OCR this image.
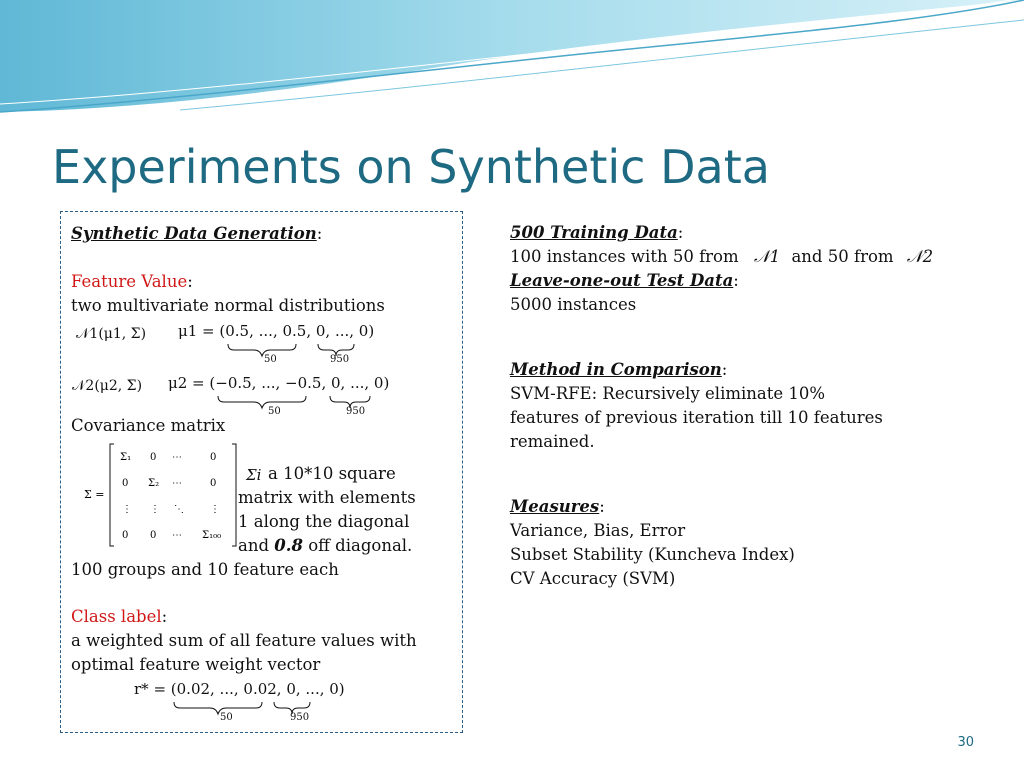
Experiments on Synthetic Data
Synthetic Data Generation:
Feature Value:
two multivariate normal distributions
𝒩1(μ1, Σ) μ1 = (0.5, ..., 0.5, 0, ..., 0)
50	950
𝒩2(μ2, Σ) μ2 = (−0.5, ..., −0.5, 0, ..., 0)
50	950
Covariance matrix
Σ =
Σ₁ 0 ⋯	0
0 Σ₂ ⋯	0
⋮ ⋮ ⋱	⋮
0 0 ⋯ Σ₁₀₀
Σi a 10*10 square
matrix with elements
1 along the diagonal
and 0.8 off diagonal.
100 groups and 10 feature each
Class label:
a weighted sum of all feature values with
optimal feature weight vector
r* = (0.02, ..., 0.02, 0, ..., 0)
50	950
500 Training Data:
100 instances with 50 from 𝒩1 and 50 from 𝒩2
Leave-one-out Test Data:
5000 instances
Method in Comparison:
SVM-RFE: Recursively eliminate 10%
features of previous iteration till 10 features
remained.
Measures:
Variance, Bias, Error
Subset Stability (Kuncheva Index)
CV Accuracy (SVM)
30
